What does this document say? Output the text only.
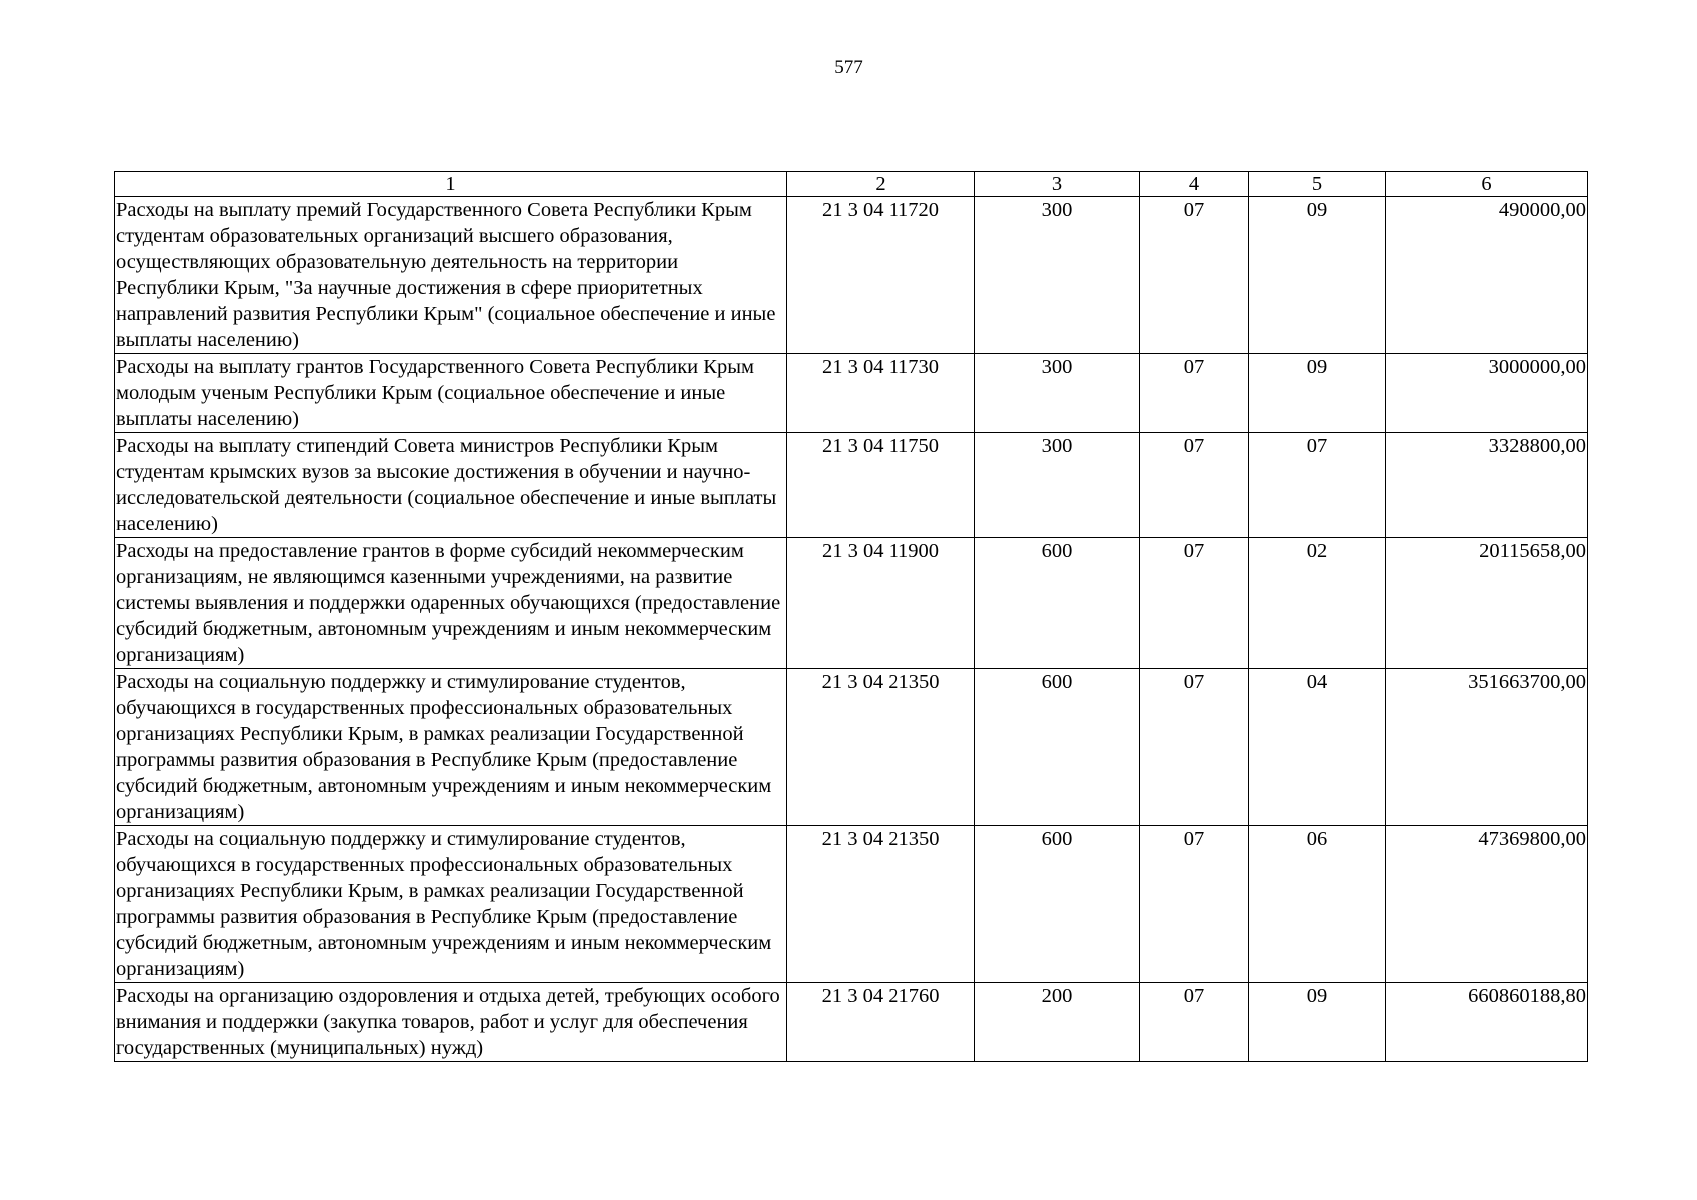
577
1	2	3	4	5	6
Расходы на выплату премий Государственного Совета Республики Крым студентам образовательных организаций высшего образования, осуществляющих образовательную деятельность на территории Республики Крым, "За научные достижения в сфере приоритетных направлений развития Республики Крым" (социальное обеспечение и иные выплаты населению)	21 3 04 11720	300	07	09	490000,00
Расходы на выплату грантов Государственного Совета Республики Крым молодым ученым Республики Крым (социальное обеспечение и иные выплаты населению)	21 3 04 11730	300	07	09	3000000,00
Расходы на выплату стипендий Совета министров Республики Крым студентам крымских вузов за высокие достижения в обучении и научно-исследовательской деятельности (социальное обеспечение и иные выплаты населению)	21 3 04 11750	300	07	07	3328800,00
Расходы на предоставление грантов в форме субсидий некоммерческим организациям, не являющимся казенными учреждениями, на развитие системы выявления и поддержки одаренных обучающихся (предоставление субсидий бюджетным, автономным учреждениям и иным некоммерческим организациям)	21 3 04 11900	600	07	02	20115658,00
Расходы на социальную поддержку и стимулирование студентов, обучающихся в государственных профессиональных образовательных организациях Республики Крым, в рамках реализации Государственной программы развития образования в Республике Крым (предоставление субсидий бюджетным, автономным учреждениям и иным некоммерческим организациям)	21 3 04 21350	600	07	04	351663700,00
Расходы на социальную поддержку и стимулирование студентов, обучающихся в государственных профессиональных образовательных организациях Республики Крым, в рамках реализации Государственной программы развития образования в Республике Крым (предоставление субсидий бюджетным, автономным учреждениям и иным некоммерческим организациям)	21 3 04 21350	600	07	06	47369800,00
Расходы на организацию оздоровления и отдыха детей, требующих особого внимания и поддержки (закупка товаров, работ и услуг для обеспечения государственных (муниципальных) нужд)	21 3 04 21760	200	07	09	660860188,80
